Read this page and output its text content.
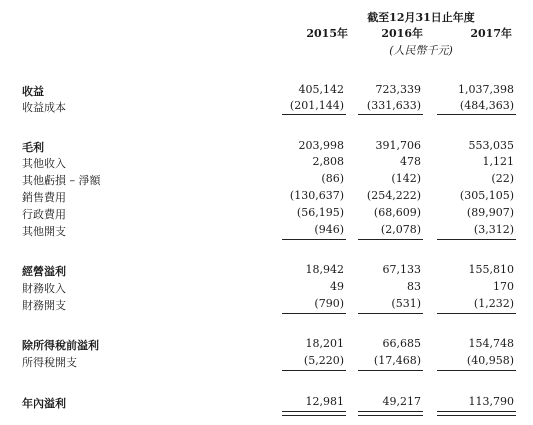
截至12月31日止年度
2015年	2016年	2017年
(人民幣千元)
收益	405,142	723,339	1,037,398
收益成本	(201,144)	(331,633)	(484,363)
毛利	203,998	391,706	553,035
其他收入	2,808	478	1,121
其他虧損 – 淨額	(86)	(142)	(22)
銷售費用	(130,637)	(254,222)	(305,105)
行政費用	(56,195)	(68,609)	(89,907)
其他開支	(946)	(2,078)	(3,312)
經營溢利	18,942	67,133	155,810
財務收入	49	83	170
財務開支	(790)	(531)	(1,232)
除所得稅前溢利	18,201	66,685	154,748
所得稅開支	(5,220)	(17,468)	(40,958)
年內溢利	12,981	49,217	113,790
